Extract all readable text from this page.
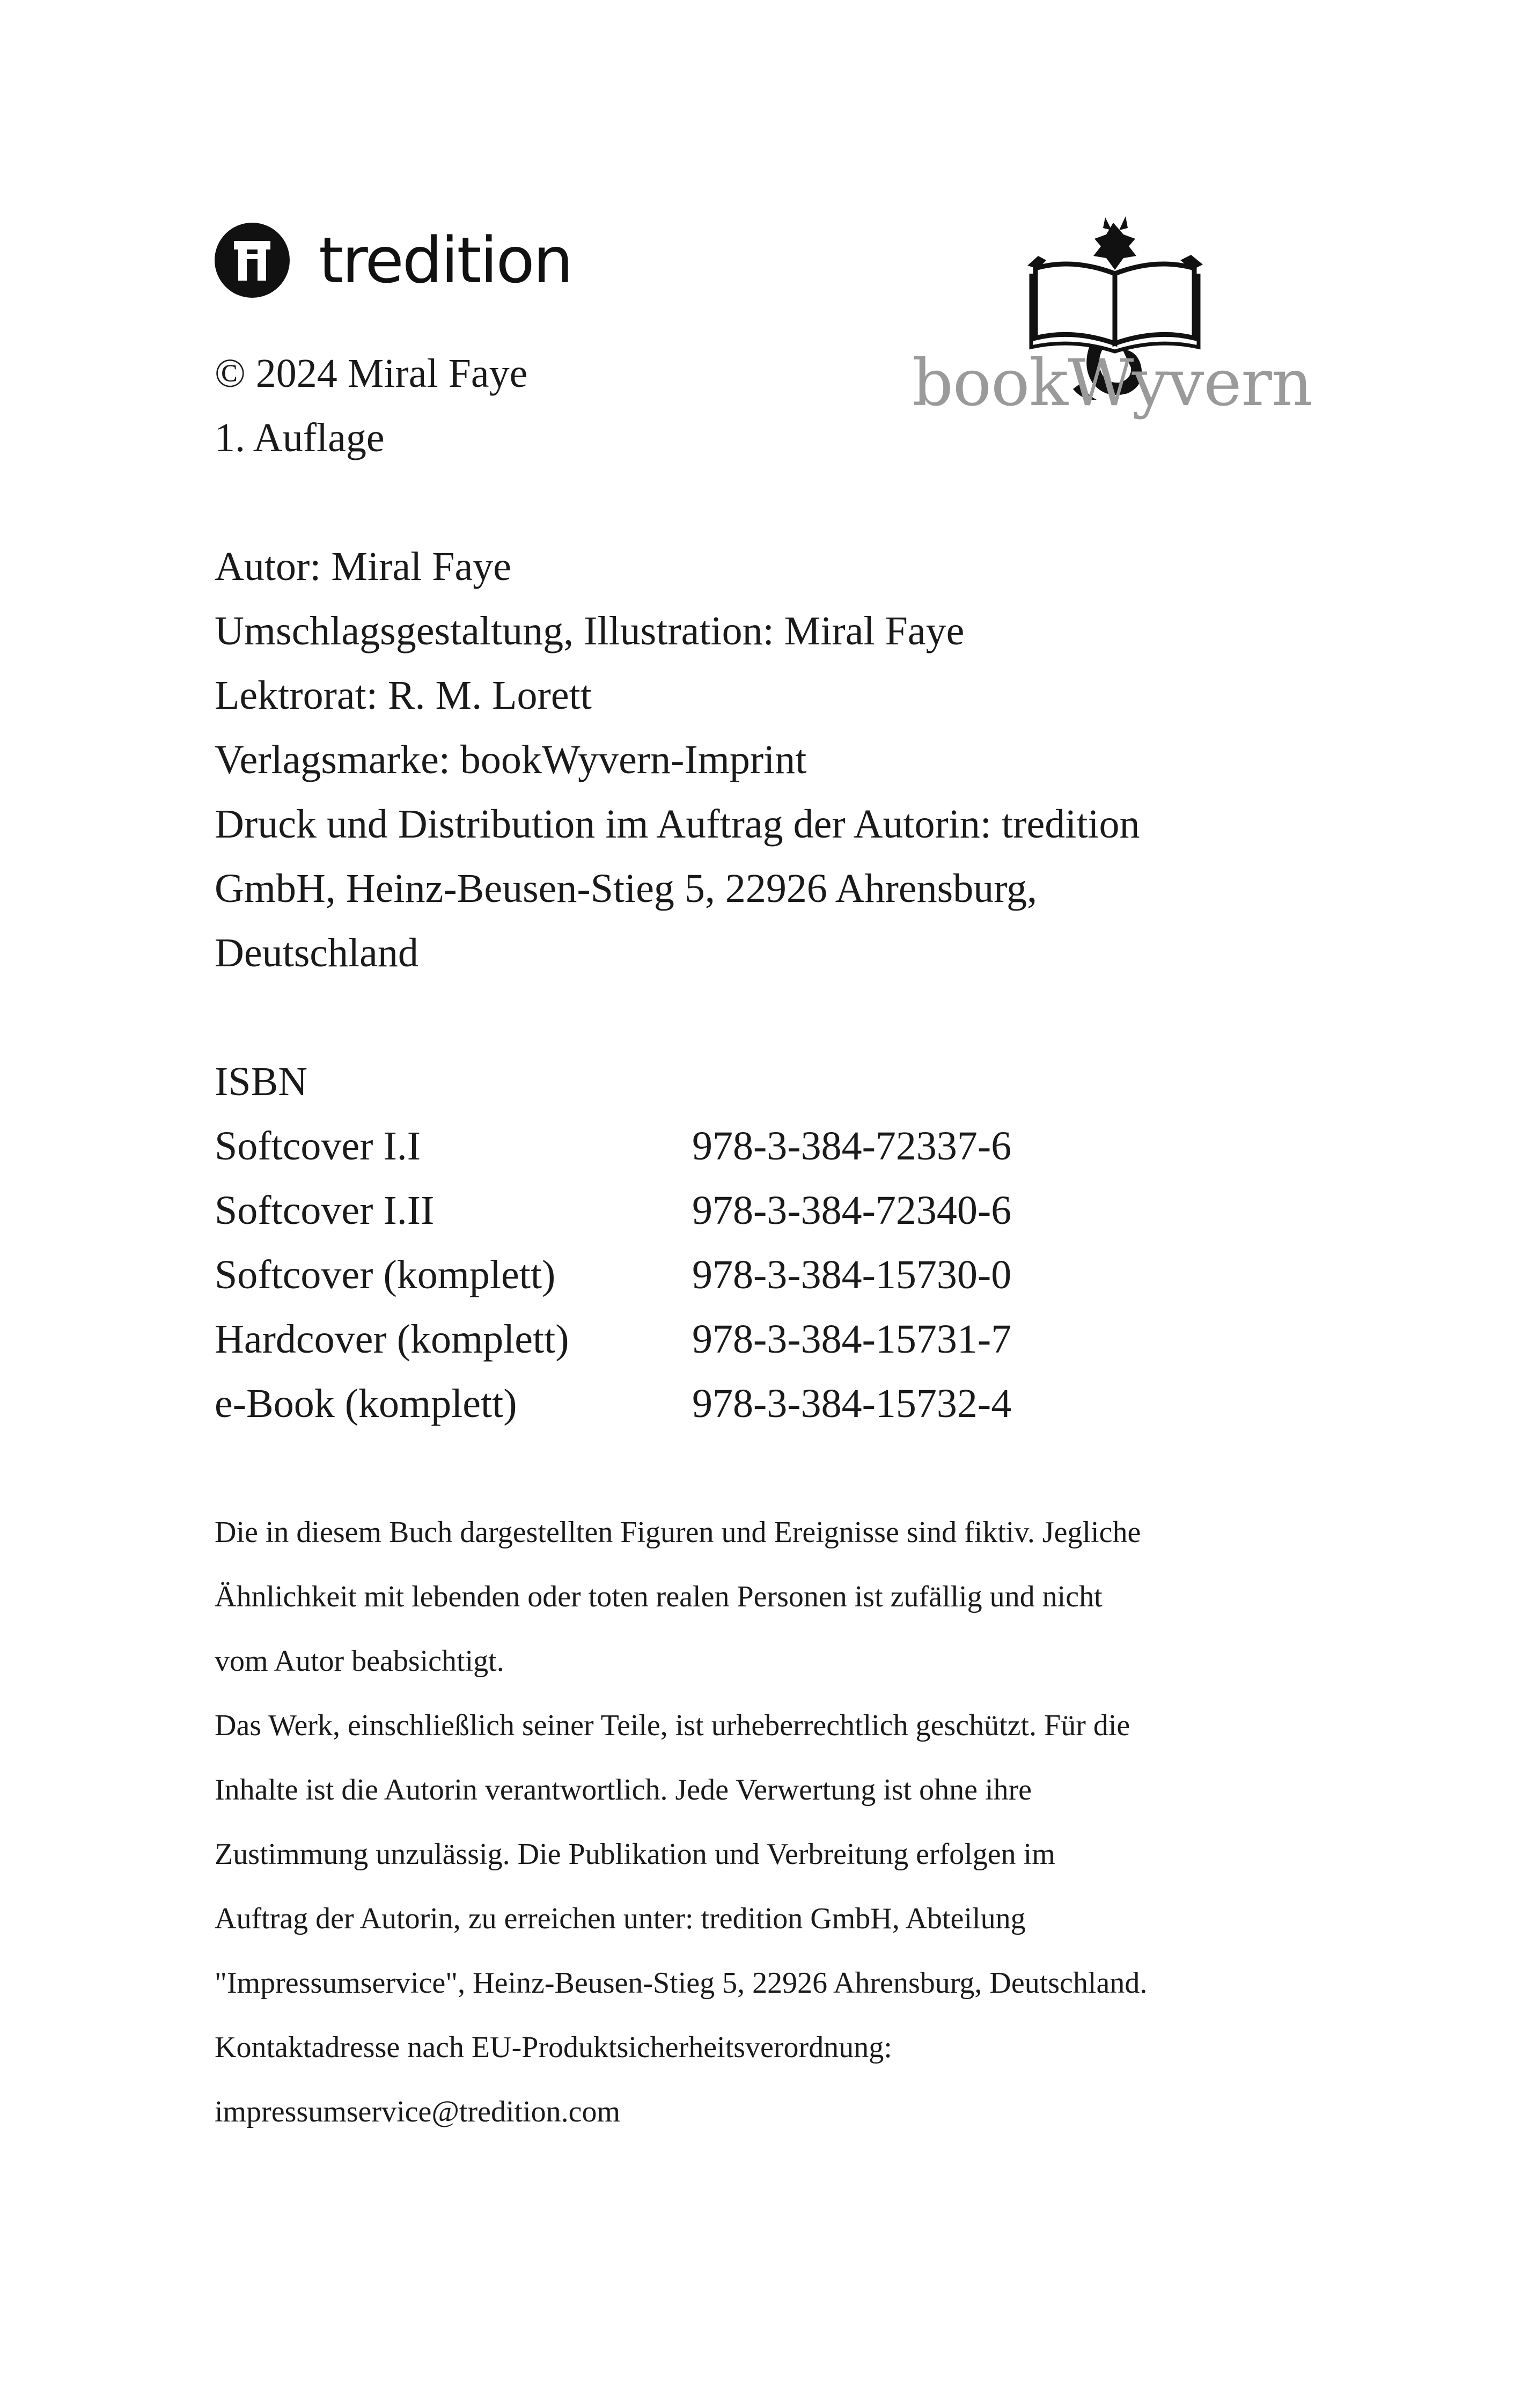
tredition
bookWyvern
© 2024 Miral Faye
1. Auflage
Autor: Miral Faye
Umschlagsgestaltung, Illustration: Miral Faye
Lektrorat: R. M. Lorett
Verlagsmarke: bookWyvern-Imprint
Druck und Distribution im Auftrag der Autorin: tredition
GmbH, Heinz-Beusen-Stieg 5, 22926 Ahrensburg,
Deutschland
ISBN
Softcover I.I	978-3-384-72337-6
Softcover I.II	978-3-384-72340-6
Softcover (komplett)	978-3-384-15730-0
Hardcover (komplett)	978-3-384-15731-7
e-Book (komplett)	978-3-384-15732-4
Die in diesem Buch dargestellten Figuren und Ereignisse sind fiktiv. Jegliche
Ähnlichkeit mit lebenden oder toten realen Personen ist zufällig und nicht
vom Autor beabsichtigt.
Das Werk, einschließlich seiner Teile, ist urheberrechtlich geschützt. Für die
Inhalte ist die Autorin verantwortlich. Jede Verwertung ist ohne ihre
Zustimmung unzulässig. Die Publikation und Verbreitung erfolgen im
Auftrag der Autorin, zu erreichen unter: tredition GmbH, Abteilung
"Impressumservice", Heinz-Beusen-Stieg 5, 22926 Ahrensburg, Deutschland.
Kontaktadresse nach EU-Produktsicherheitsverordnung:
impressumservice@tredition.com
